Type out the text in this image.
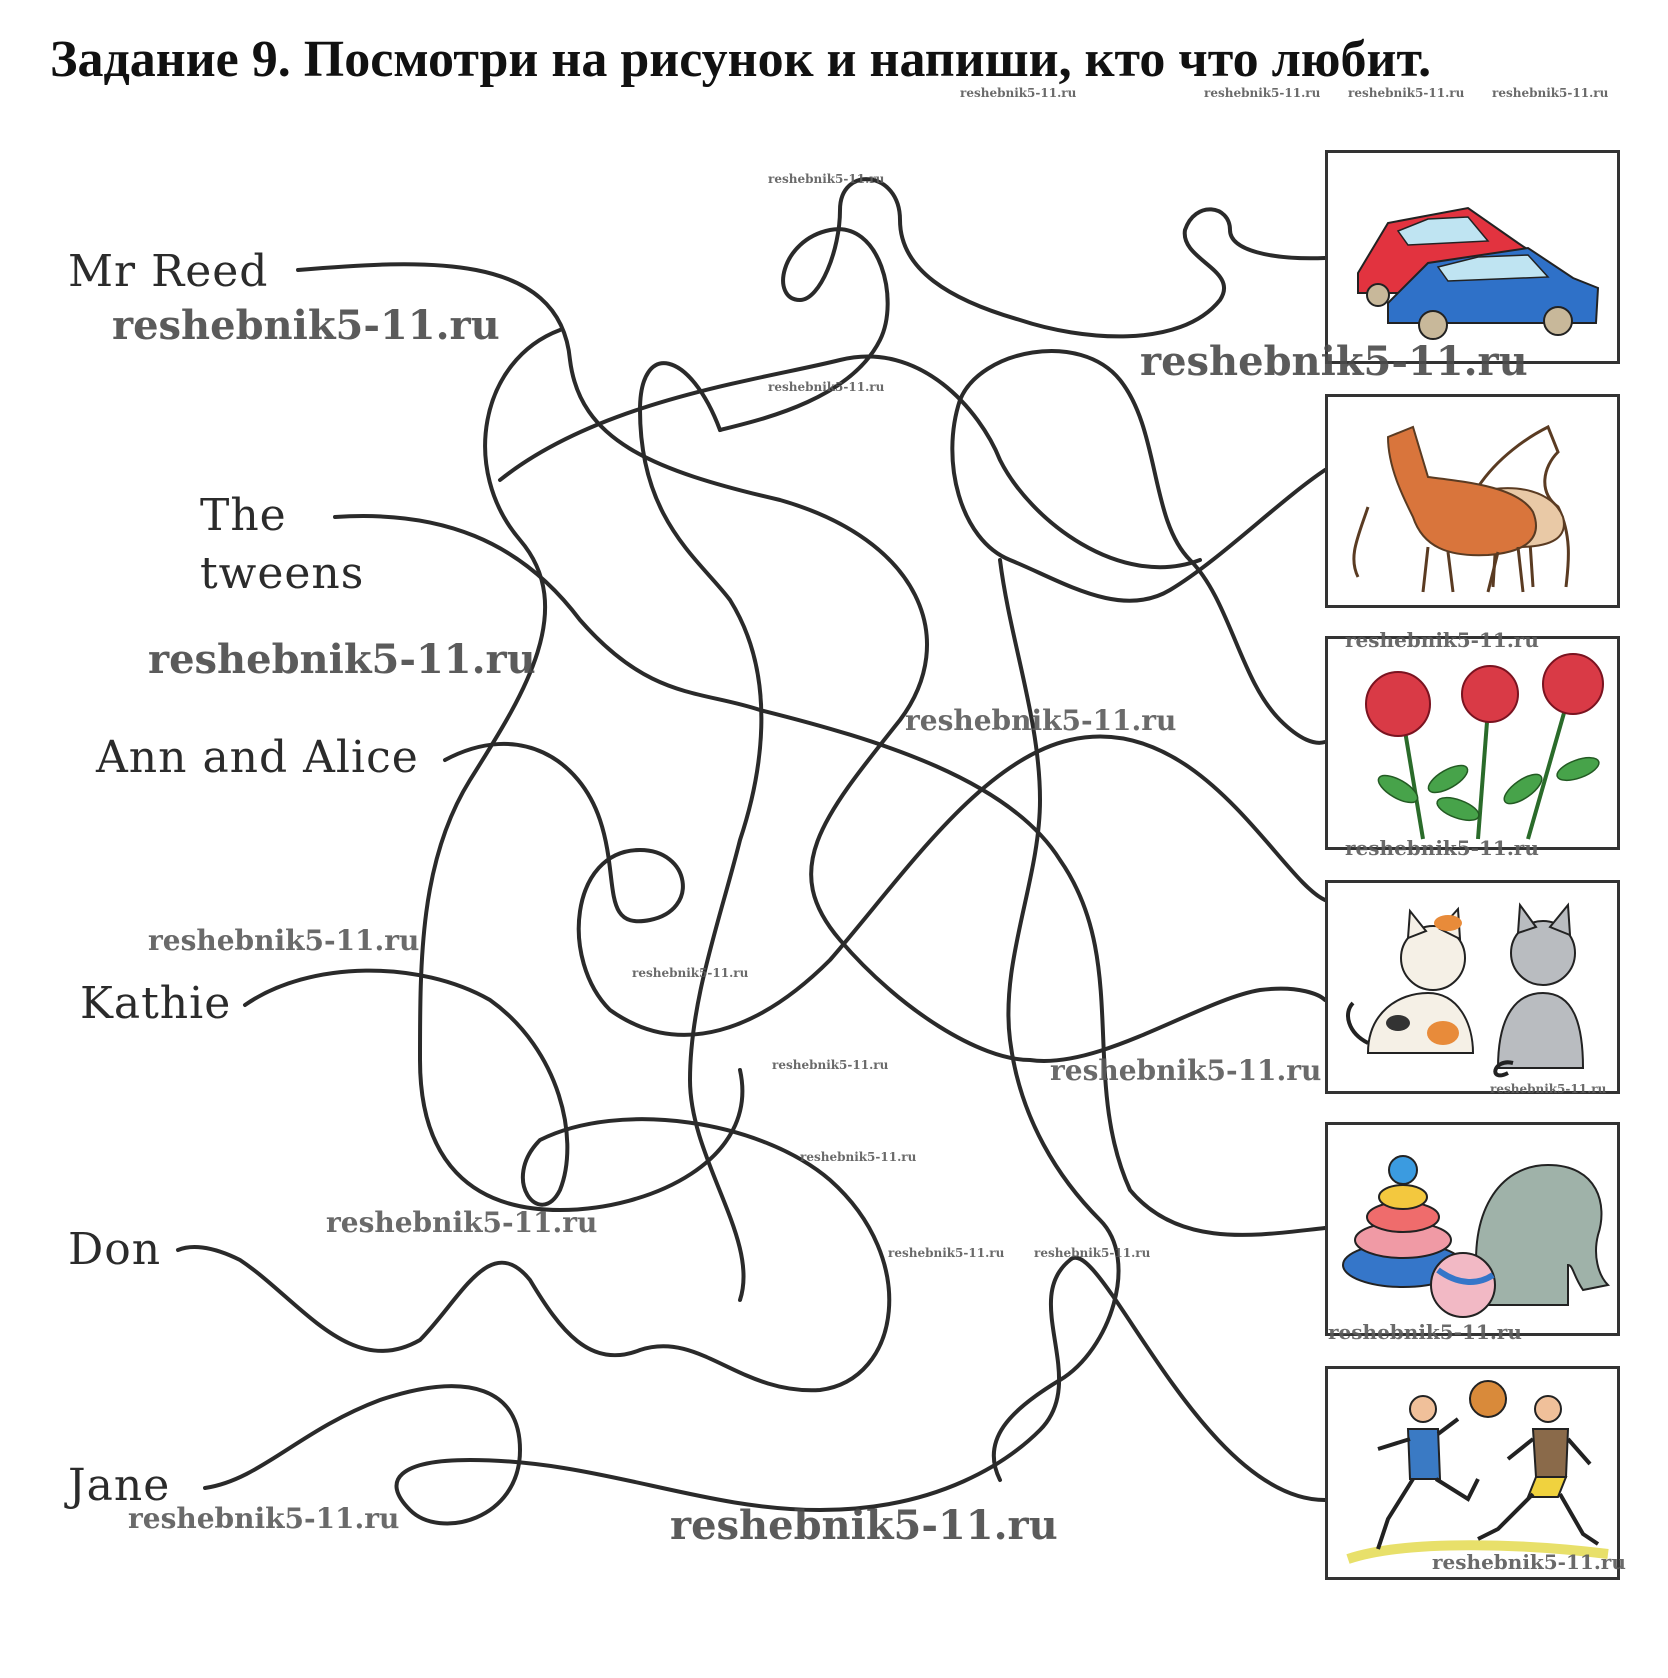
Задание 9. Посмотри на рисунок и напиши, кто что любит.
Mr Reed
The
tweens
Ann and Alice
Kathie
Don
Jane
reshebnik5-11.ru
reshebnik5-11.ru
reshebnik5-11.ru
reshebnik5-11.ru
reshebnik5-11.ru
reshebnik5-11.ru
reshebnik5-11.ru
reshebnik5-11.ru
reshebnik5-11.ru
reshebnik5-11.ru
reshebnik5-11.ru
reshebnik5-11.ru
reshebnik5-11.ru
reshebnik5-11.ru
reshebnik5-11.ru
reshebnik5-11.ru
reshebnik5-11.ru
reshebnik5-11.ru
reshebnik5-11.ru reshebnik5-11.ru
reshebnik5-11.ru
reshebnik5-11.ru	reshebnik5-11.ru reshebnik5-11.ru reshebnik5-11.ru
